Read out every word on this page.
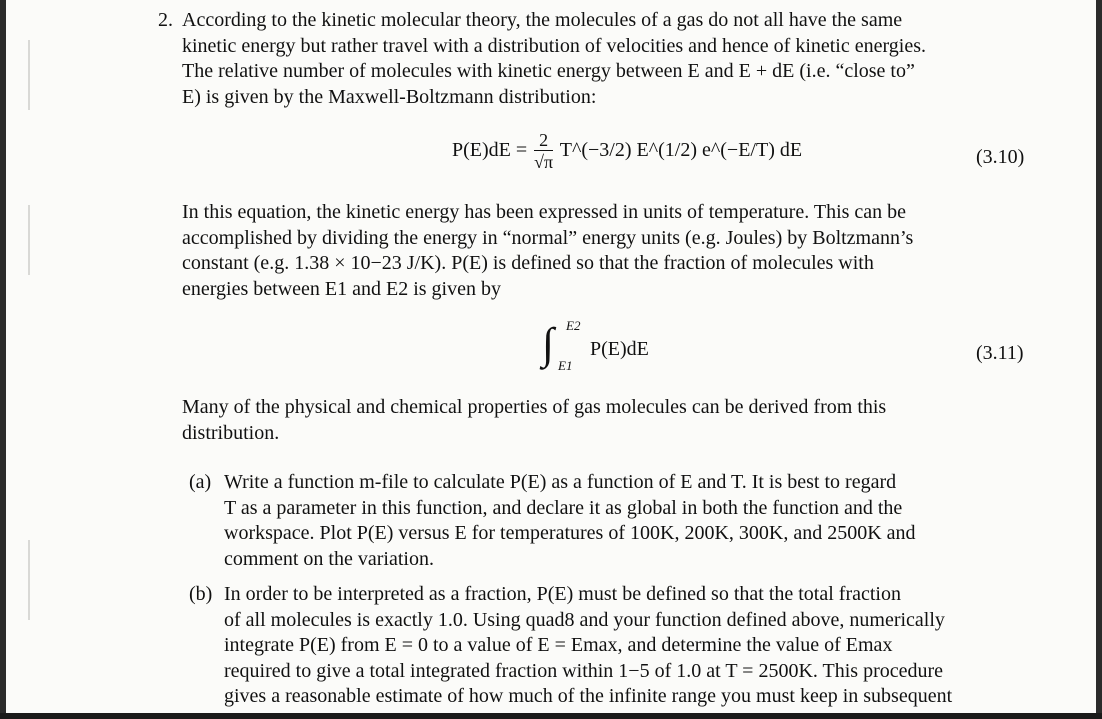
2. According to the kinetic molecular theory, the molecules of a gas do not all have the same
kinetic energy but rather travel with a distribution of velocities and hence of kinetic energies.
The relative number of molecules with kinetic energy between E and E + dE (i.e. “close to”
E) is given by the Maxwell-Boltzmann distribution:
$P(E)dE = \frac{2}{√\pi}$ T^(−3/2) E^(1/2) e^(−E/T) dE	(3.10)
In this equation, the kinetic energy has been expressed in units of temperature. This can be
accomplished by dividing the energy in “normal” energy units (e.g. Joules) by Boltzmann’s
constant (e.g. 1.38 × 10−23 J/K). P(E) is defined so that the fraction of molecules with
energies between E1 and E2 is given by
∫ E2
E1
P(E)dE	(3.11)
Many of the physical and chemical properties of gas molecules can be derived from this
distribution.
(a) Write a function m-file to calculate P(E) as a function of E and T. It is best to regard
T as a parameter in this function, and declare it as global in both the function and the
workspace. Plot P(E) versus E for temperatures of 100K, 200K, 300K, and 2500K and
comment on the variation.
(b) In order to be interpreted as a fraction, P(E) must be defined so that the total fraction
of all molecules is exactly 1.0. Using quad8 and your function defined above, numerically
integrate P(E) from E = 0 to a value of E = Emax, and determine the value of Emax
required to give a total integrated fraction within 1−5 of 1.0 at T = 2500K. This procedure
gives a reasonable estimate of how much of the infinite range you must keep in subsequent
